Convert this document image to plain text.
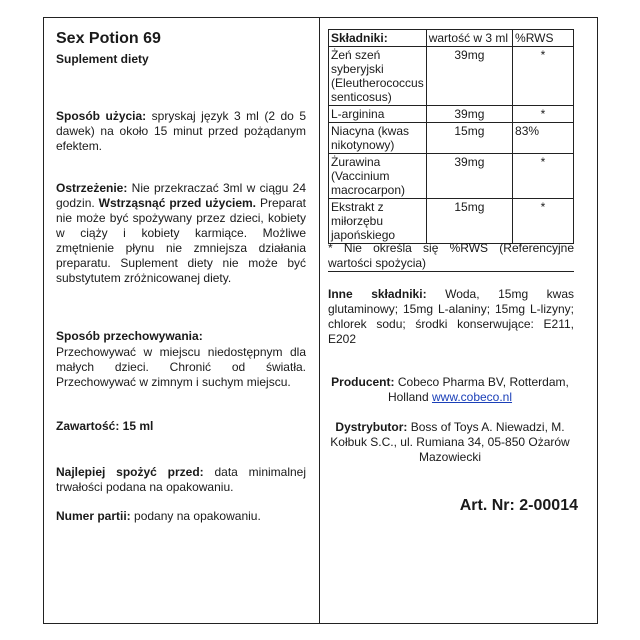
Sex Potion 69
Suplement diety
Sposób użycia: spryskaj język 3 ml (2 do 5 dawek) na około 15 minut przed pożądanym efektem.
Ostrzeżenie: Nie przekraczać 3ml w ciągu 24 godzin. Wstrząsnąć przed użyciem. Preparat nie może być spożywany przez dzieci, kobiety w ciąży i kobiety karmiące. Możliwe zmętnienie płynu nie zmniejsza działania preparatu. Suplement diety nie może być substytutem zróżnicowanej diety.
Sposób przechowywania:
Przechowywać w miejscu niedostępnym dla małych dzieci. Chronić od światła. Przechowywać w zimnym i suchym miejscu.
Zawartość: 15 ml
Najlepiej spożyć przed: data minimalnej trwałości podana na opakowaniu.
Numer partii: podany na opakowaniu.
Składniki:	wartość w 3 ml	%RWS
Żeń szeń syberyjski (Eleutherococcus senticosus)	39mg	*
L-arginina	39mg	*
Niacyna (kwas nikotynowy)	15mg	83%
Żurawina (Vaccinium macrocarpon)	39mg	*
Ekstrakt z miłorzębu japońskiego	15mg	*
* Nie określa się %RWS (Referencyjne wartości spożycia)
Inne składniki: Woda, 15mg kwas glutaminowy; 15mg L-alaniny; 15mg L-lizyny; chlorek sodu; środki konserwujące: E211, E202
Producent: Cobeco Pharma BV, Rotterdam, Holland www.cobeco.nl
Dystrybutor: Boss of Toys A. Niewadzi, M. Kołbuk S.C., ul. Rumiana 34, 05-850 Ożarów Mazowiecki
Art. Nr: 2-00014
